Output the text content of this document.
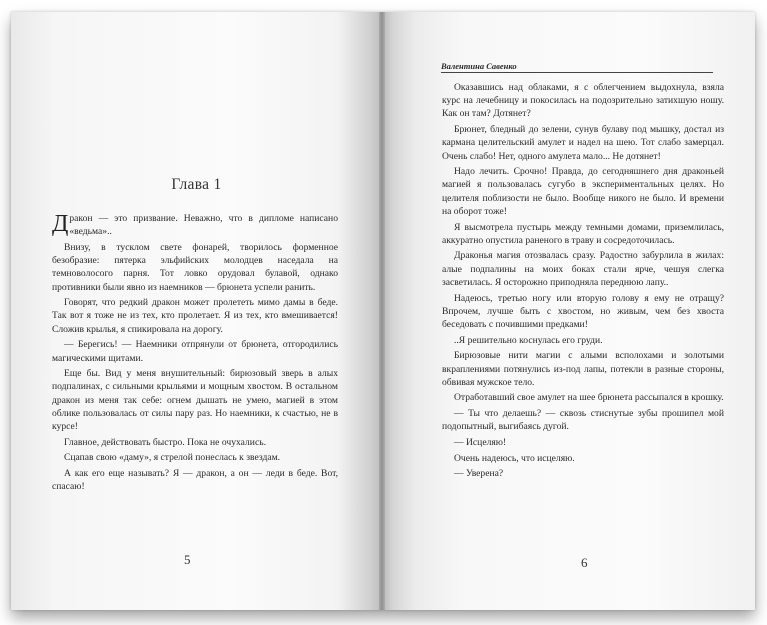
Глава 1

Дракон — это призвание. Неважно, что в дипломе написано «ведьма»..

Внизу, в тусклом свете фонарей, творилось форменное безобразие: пятерка эльфийских молодцев наседала на темноволосого парня. Тот ловко орудовал булавой, однако противники были явно из наемников — брюнета успели ранить.

Говорят, что редкий дракон может пролететь мимо дамы в беде. Так вот я тоже не из тех, кто пролетает. Я из тех, кто вмешивается! Сложив крылья, я спикировала на дорогу.

— Берегись! — Наемники отпрянули от брюнета, отгородились магическими щитами.

Еще бы. Вид у меня внушительный: бирюзовый зверь в алых подпалинах, с сильными крыльями и мощным хвостом. В остальном дракон из меня так себе: огнем дышать не умею, магией в этом облике пользовалась от силы пару раз. Но наемники, к счастью, не в курсе!

Главное, действовать быстро. Пока не очухались.

Сцапав свою «даму», я стрелой понеслась к звездам.

А как его еще называть? Я — дракон, а он — леди в беде. Вот, спасаю!

5
Валентина Савенко

Оказавшись над облаками, я с облегчением выдохнула, взяла курс на лечебницу и покосилась на подозрительно затихшую ношу. Как он там? Дотянет?

Брюнет, бледный до зелени, сунув булаву под мышку, достал из кармана целительский амулет и надел на шею. Тот слабо замерцал. Очень слабо! Нет, одного амулета мало... Не дотянет!

Надо лечить. Срочно! Правда, до сегодняшнего дня драконьей магией я пользовалась сугубо в экспериментальных целях. Но целителя поблизости не было. Вообще никого не было. И времени на оборот тоже!

Я высмотрела пустырь между темными домами, приземлилась, аккуратно опустила раненого в траву и сосредоточилась.

Драконья магия отозвалась сразу. Радостно забурлила в жилах: алые подпалины на моих боках стали ярче, чешуя слегка засветилась. Я осторожно приподняла переднюю лапу..

Надеюсь, третью ногу или вторую голову я ему не отращу? Впрочем, лучше быть с хвостом, но живым, чем без хвоста беседовать с почившими предками!

..Я решительно коснулась его груди.

Бирюзовые нити магии с алыми всполохами и золотыми вкраплениями потянулись из-под лапы, потекли в разные стороны, обвивая мужское тело.

Отработавший свое амулет на шее брюнета рассыпался в крошку.

— Ты что делаешь? — сквозь стиснутые зубы прошипел мой подопытный, выгибаясь дугой.

— Исцеляю!

Очень надеюсь, что исцеляю.

— Уверена?

6
